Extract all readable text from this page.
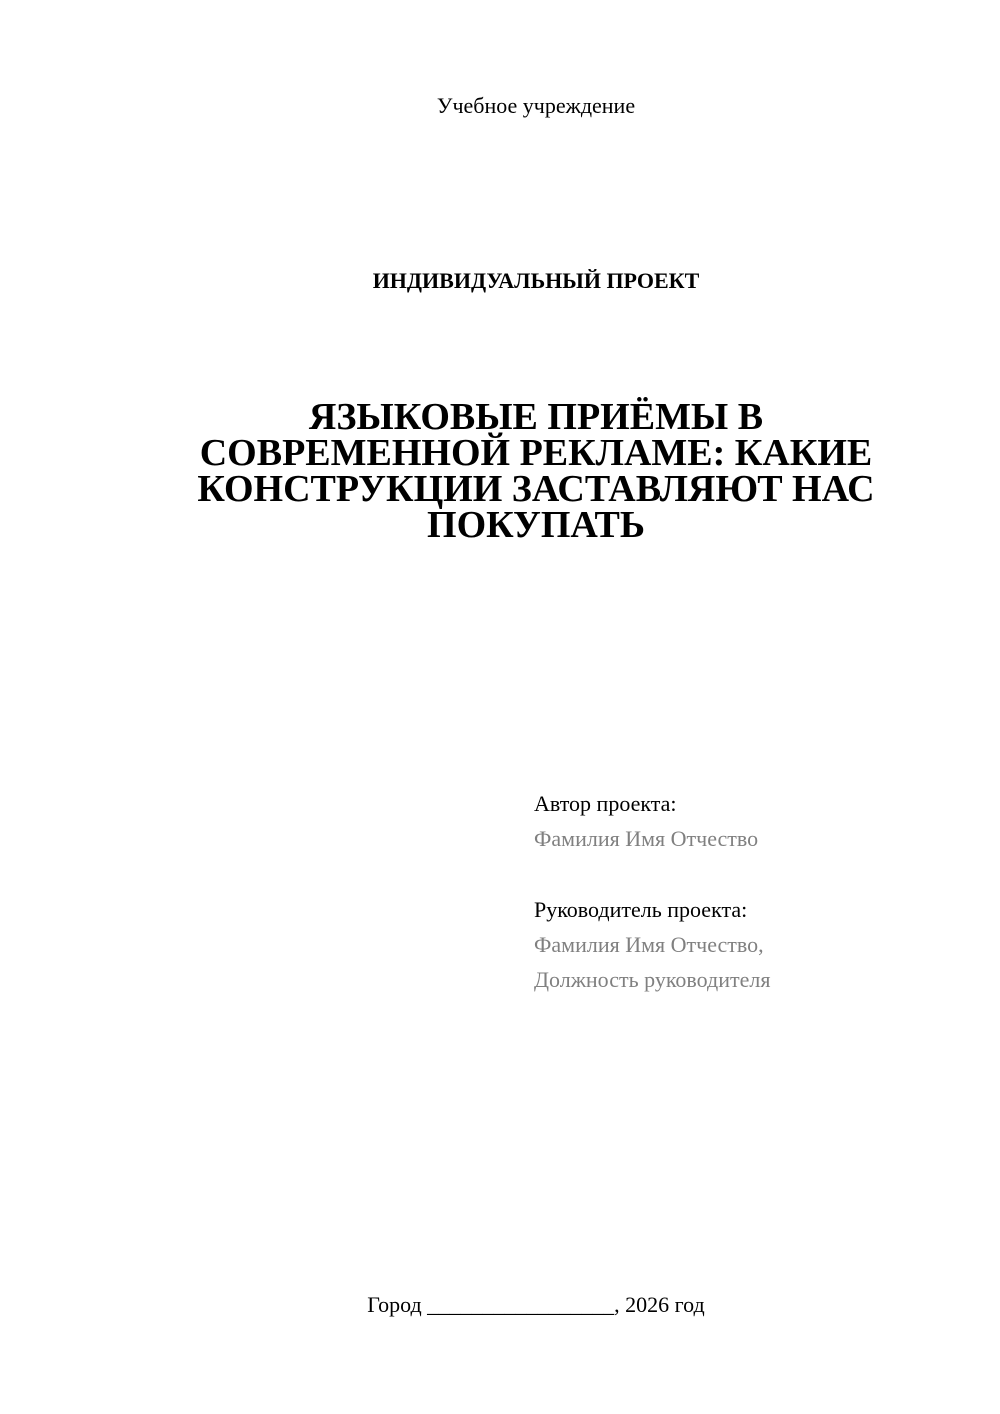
Учебное учреждение
ИНДИВИДУАЛЬНЫЙ ПРОЕКТ
ЯЗЫКОВЫЕ ПРИЁМЫ В
СОВРЕМЕННОЙ РЕКЛАМЕ: КАКИЕ
КОНСТРУКЦИИ ЗАСТАВЛЯЮТ НАС
ПОКУПАТЬ
Автор проекта:
Фамилия Имя Отчество
Руководитель проекта:
Фамилия Имя Отчество,
Должность руководителя
Город _________________, 2026 год
